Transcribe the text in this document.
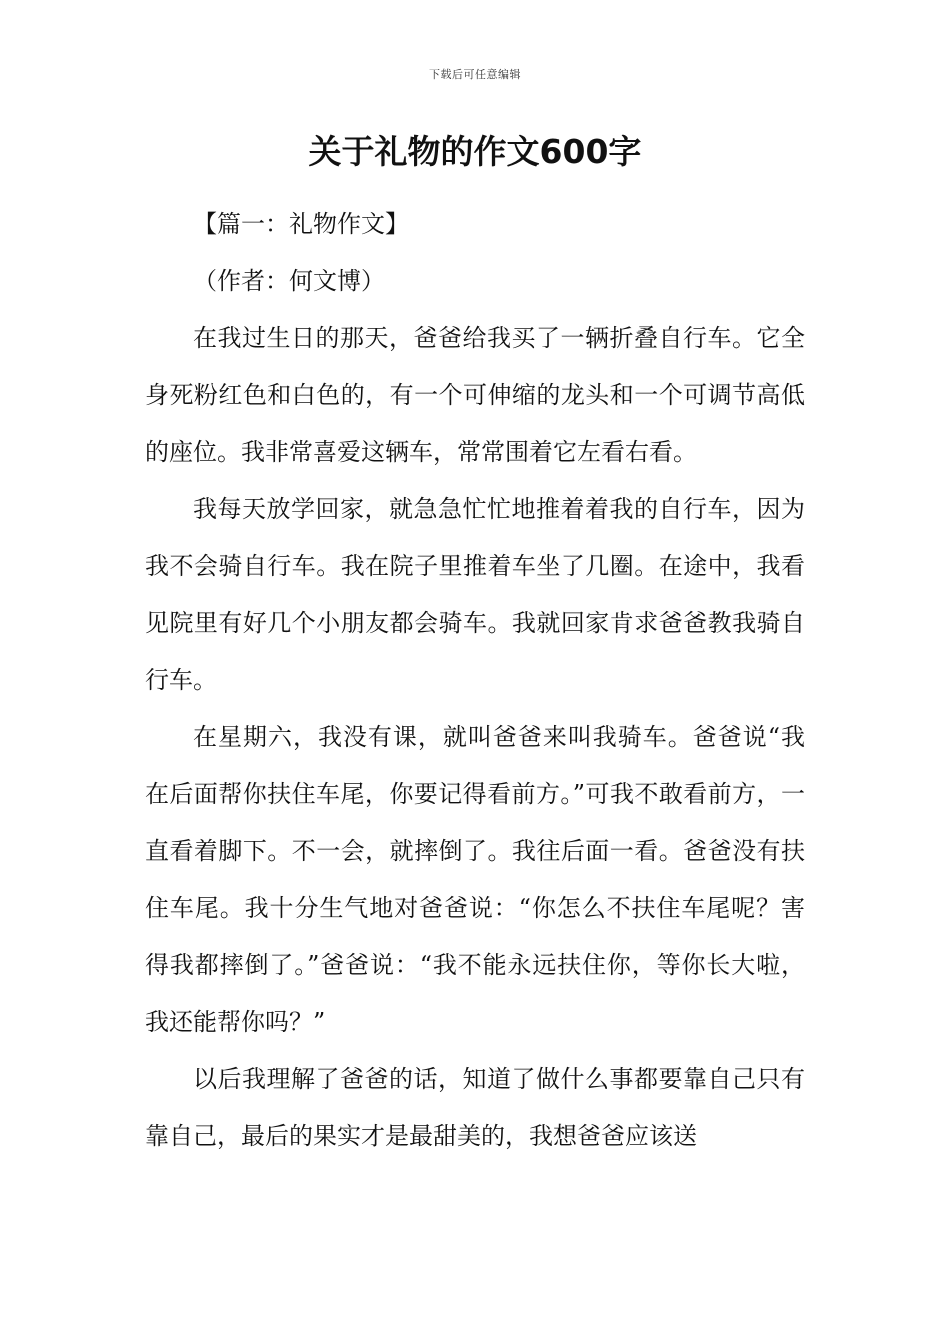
下载后可任意编辑
关于礼物的作文600字

【篇一：礼物作文】

（作者：何文博）

在我过生日的那天，爸爸给我买了一辆折叠自行车。它全身死粉红色和白色的，有一个可伸缩的龙头和一个可调节高低的座位。我非常喜爱这辆车，常常围着它左看右看。

我每天放学回家，就急急忙忙地推着着我的自行车，因为我不会骑自行车。我在院子里推着车坐了几圈。在途中，我看见院里有好几个小朋友都会骑车。我就回家肯求爸爸教我骑自行车。

在星期六，我没有课，就叫爸爸来叫我骑车。爸爸说“我在后面帮你扶住车尾，你要记得看前方。”可我不敢看前方，一直看着脚下。不一会，就摔倒了。我往后面一看。爸爸没有扶住车尾。我十分生气地对爸爸说：“你怎么不扶住车尾呢？害得我都摔倒了。”爸爸说：“我不能永远扶住你，等你长大啦，我还能帮你吗？”

以后我理解了爸爸的话，知道了做什么事都要靠自己只有靠自己，最后的果实才是最甜美的，我想爸爸应该送
